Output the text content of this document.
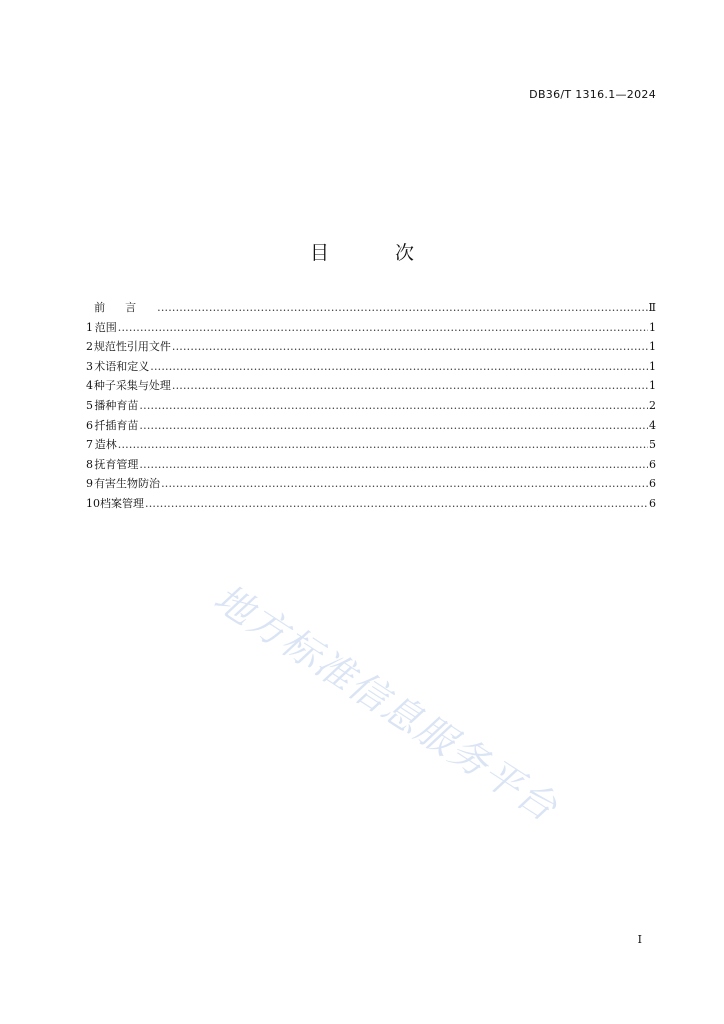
DB36/T 1316.1—2024
目 次
前言 .....	Ⅱ
1 范围 .....	1
2 规范性引用文件 .....	1
3 术语和定义 .....	1
4 种子采集与处理 .....	1
5 播种育苗 .....	2
6 扦插育苗 .....	4
7 造林 .....	5
8 抚育管理 .....	6
9 有害生物防治 .....	6
10 档案管理 .....	6
地方标准信息服务平台
I
